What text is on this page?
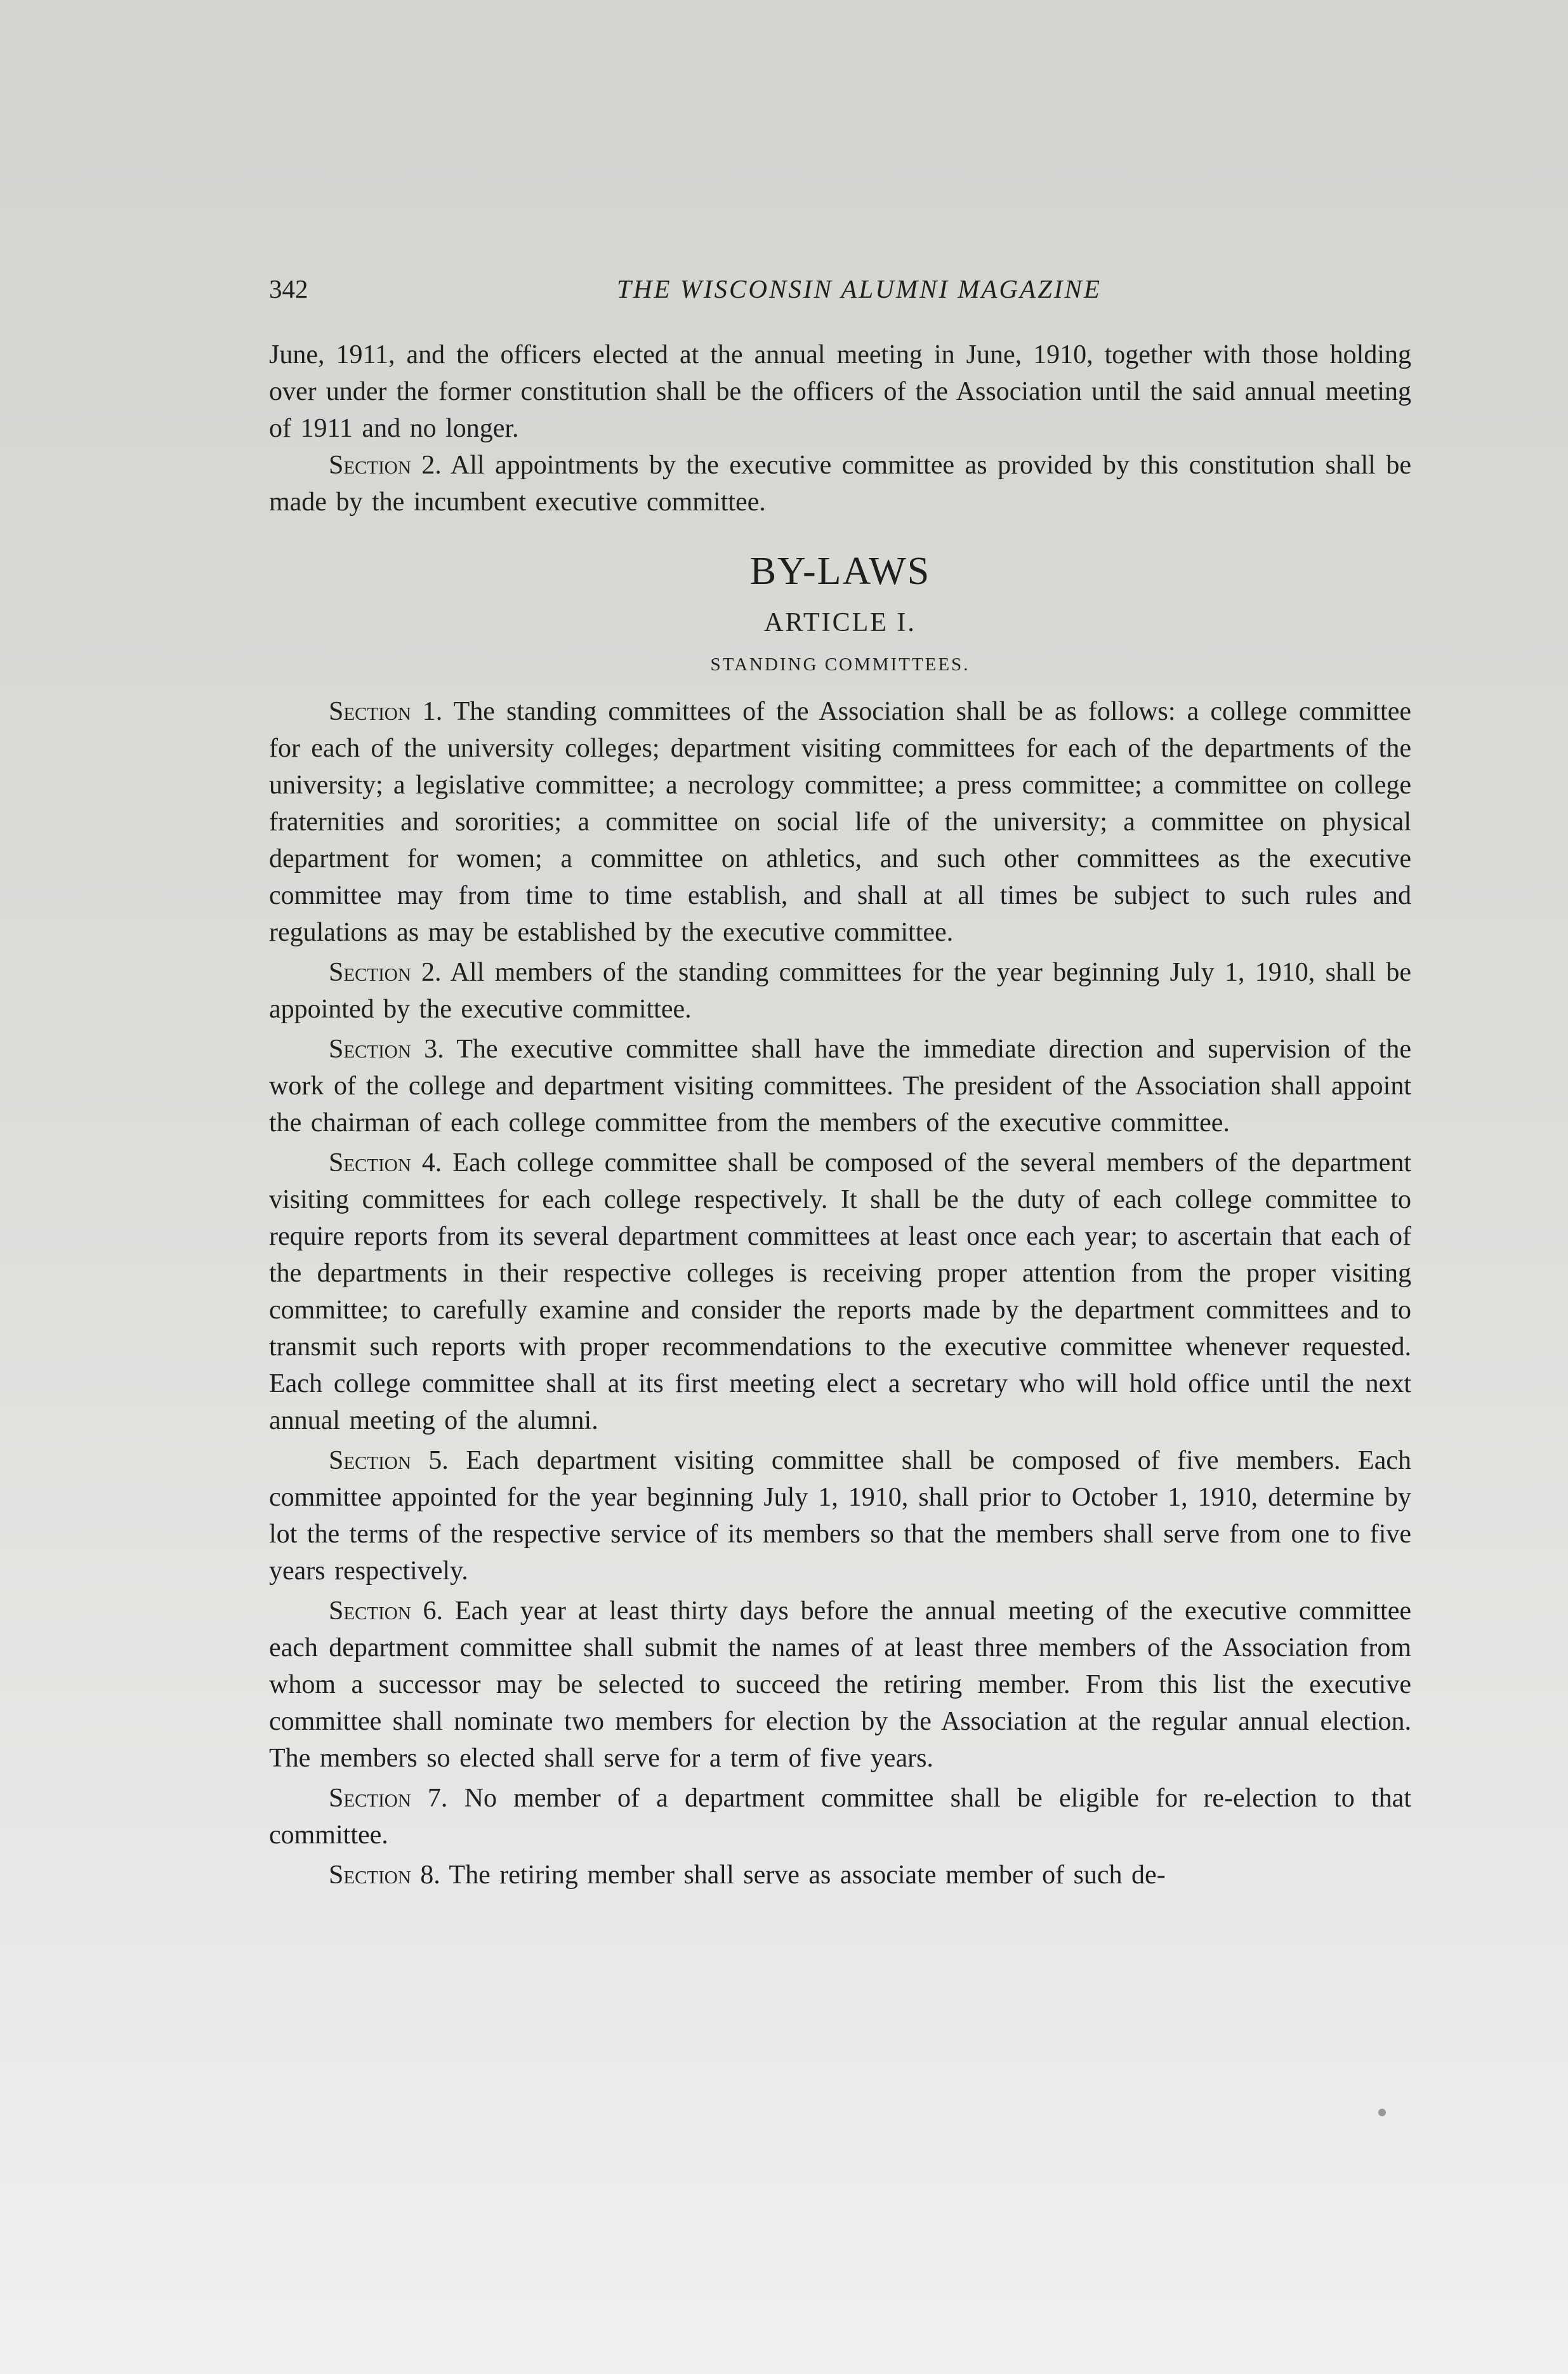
342	THE WISCONSIN ALUMNI MAGAZINE

June, 1911, and the officers elected at the annual meeting in June, 1910, together with those holding over under the former constitution shall be the officers of the Association until the said annual meeting of 1911 and no longer.

Section 2. All appointments by the executive committee as provided by this constitution shall be made by the incumbent executive committee.

BY-LAWS
ARTICLE I.
STANDING COMMITTEES.

Section 1. The standing committees of the Association shall be as follows: a college committee for each of the university colleges; department visiting committees for each of the departments of the university; a legislative committee; a necrology committee; a press committee; a committee on college fraternities and sororities; a committee on social life of the university; a committee on physical department for women; a committee on athletics, and such other committees as the executive committee may from time to time establish, and shall at all times be subject to such rules and regulations as may be established by the executive committee.

Section 2. All members of the standing committees for the year beginning July 1, 1910, shall be appointed by the executive committee.

Section 3. The executive committee shall have the immediate direction and supervision of the work of the college and department visiting committees. The president of the Association shall appoint the chairman of each college committee from the members of the executive committee.

Section 4. Each college committee shall be composed of the several members of the department visiting committees for each college respectively. It shall be the duty of each college committee to require reports from its several department committees at least once each year; to ascertain that each of the departments in their respective colleges is receiving proper attention from the proper visiting committee; to carefully examine and consider the reports made by the department committees and to transmit such reports with proper recommendations to the executive committee whenever requested. Each college committee shall at its first meeting elect a secretary who will hold office until the next annual meeting of the alumni.

Section 5. Each department visiting committee shall be composed of five members. Each committee appointed for the year beginning July 1, 1910, shall prior to October 1, 1910, determine by lot the terms of the respective service of its members so that the members shall serve from one to five years respectively.

Section 6. Each year at least thirty days before the annual meeting of the executive committee each department committee shall submit the names of at least three members of the Association from whom a successor may be selected to succeed the retiring member. From this list the executive committee shall nominate two members for election by the Association at the regular annual election. The members so elected shall serve for a term of five years.

Section 7. No member of a department committee shall be eligible for re-election to that committee.

Section 8. The retiring member shall serve as associate member of such de-
